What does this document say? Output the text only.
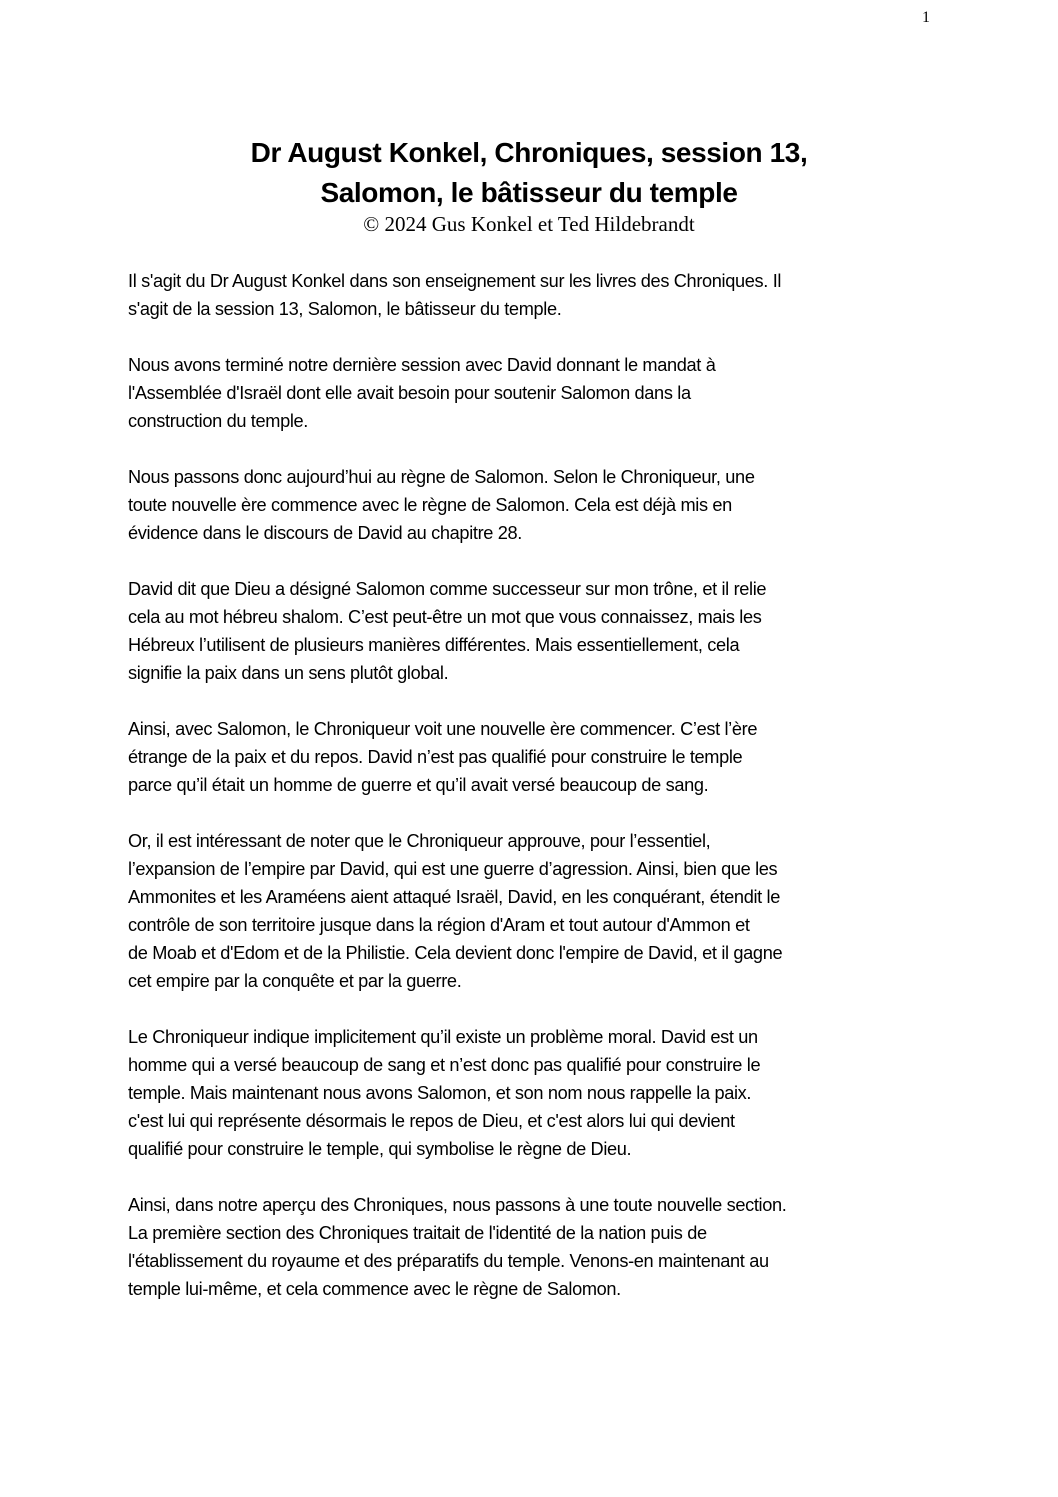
1
Dr August Konkel, Chroniques, session 13,
Salomon, le bâtisseur du temple
© 2024 Gus Konkel et Ted Hildebrandt

Il s'agit du Dr August Konkel dans son enseignement sur les livres des Chroniques. Il
s'agit de la session 13, Salomon, le bâtisseur du temple.

Nous avons terminé notre dernière session avec David donnant le mandat à
l'Assemblée d'Israël dont elle avait besoin pour soutenir Salomon dans la
construction du temple.

Nous passons donc aujourd’hui au règne de Salomon. Selon le Chroniqueur, une
toute nouvelle ère commence avec le règne de Salomon. Cela est déjà mis en
évidence dans le discours de David au chapitre 28.

David dit que Dieu a désigné Salomon comme successeur sur mon trône, et il relie
cela au mot hébreu shalom. C’est peut-être un mot que vous connaissez, mais les
Hébreux l’utilisent de plusieurs manières différentes. Mais essentiellement, cela
signifie la paix dans un sens plutôt global.

Ainsi, avec Salomon, le Chroniqueur voit une nouvelle ère commencer. C’est l’ère
étrange de la paix et du repos. David n’est pas qualifié pour construire le temple
parce qu’il était un homme de guerre et qu’il avait versé beaucoup de sang.

Or, il est intéressant de noter que le Chroniqueur approuve, pour l’essentiel,
l’expansion de l’empire par David, qui est une guerre d’agression. Ainsi, bien que les
Ammonites et les Araméens aient attaqué Israël, David, en les conquérant, étendit le
contrôle de son territoire jusque dans la région d'Aram et tout autour d'Ammon et
de Moab et d'Edom et de la Philistie. Cela devient donc l'empire de David, et il gagne
cet empire par la conquête et par la guerre.

Le Chroniqueur indique implicitement qu’il existe un problème moral. David est un
homme qui a versé beaucoup de sang et n’est donc pas qualifié pour construire le
temple. Mais maintenant nous avons Salomon, et son nom nous rappelle la paix.
c'est lui qui représente désormais le repos de Dieu, et c'est alors lui qui devient
qualifié pour construire le temple, qui symbolise le règne de Dieu.

Ainsi, dans notre aperçu des Chroniques, nous passons à une toute nouvelle section.
La première section des Chroniques traitait de l'identité de la nation puis de
l'établissement du royaume et des préparatifs du temple. Venons-en maintenant au
temple lui-même, et cela commence avec le règne de Salomon.
